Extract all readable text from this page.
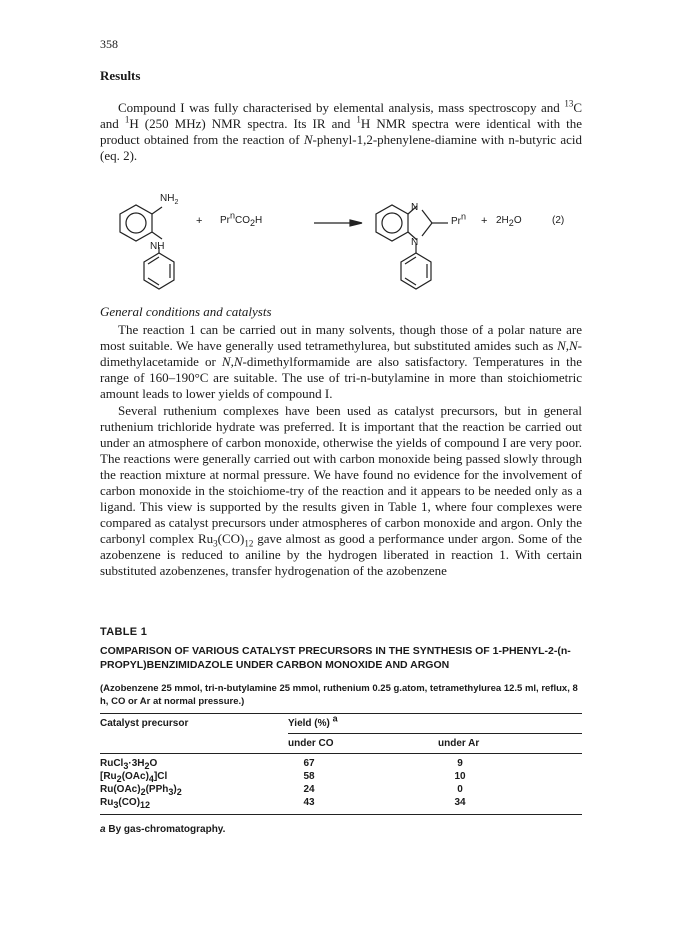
358
Results
Compound I was fully characterised by elemental analysis, mass spectroscopy and $^{13}$C and $^1$H (250 MHz) NMR spectra. Its IR and $^1$H NMR spectra were identical with the product obtained from the reaction of N-phenyl-1,2-phenylene-diamine with n-butyric acid (eq. 2).
$NH_2$
NH
N
N
+ $Pr^nCO_2H$	$Pr^n + 2H_2O$	(2)
General conditions and catalysts
The reaction 1 can be carried out in many solvents, though those of a polar nature are most suitable. We have generally used tetramethylurea, but substituted amides such as N,N-dimethylacetamide or N,N-dimethylformamide are also satisfactory. Temperatures in the range of 160–190°C are suitable. The use of tri-n-butylamine in more than stoichiometric amount leads to lower yields of compound I.
Several ruthenium complexes have been used as catalyst precursors, but in general ruthenium trichloride hydrate was preferred. It is important that the reaction be carried out under an atmosphere of carbon monoxide, otherwise the yields of compound I are very poor. The reactions were generally carried out with carbon monoxide being passed slowly through the reaction mixture at normal pressure. We have found no evidence for the involvement of carbon monoxide in the stoichiome-try of the reaction and it appears to be needed only as a ligand. This view is supported by the results given in Table 1, where four complexes were compared as catalyst precursors under atmospheres of carbon monoxide and argon. Only the carbonyl complex $Ru_3(CO)_{12}$ gave almost as good a performance under argon. Some of the azobenzene is reduced to aniline by the hydrogen liberated in reaction 1. With certain substituted azobenzenes, transfer hydrogenation of the azobenzene
TABLE 1
COMPARISON OF VARIOUS CATALYST PRECURSORS IN THE SYNTHESIS OF 1-PHENYL-2-(n-PROPYL)BENZIMIDAZOLE UNDER CARBON MONOXIDE AND ARGON
(Azobenzene 25 mmol, tri-n-butylamine 25 mmol, ruthenium 0.25 g.atom, tetramethylurea 12.5 ml, reflux, 8 h, CO or Ar at normal pressure.)
Catalyst precursor	Yield (%) $^a$
under CO	under Ar
$RuCl_3\cdot 3H_2O$	67	9
$[Ru_2(OAc)_4]Cl$	58	10
$Ru(OAc)_2(PPh_3)_2$	24	0
$Ru_3(CO)_{12}$	43	34
a By gas-chromatography.
